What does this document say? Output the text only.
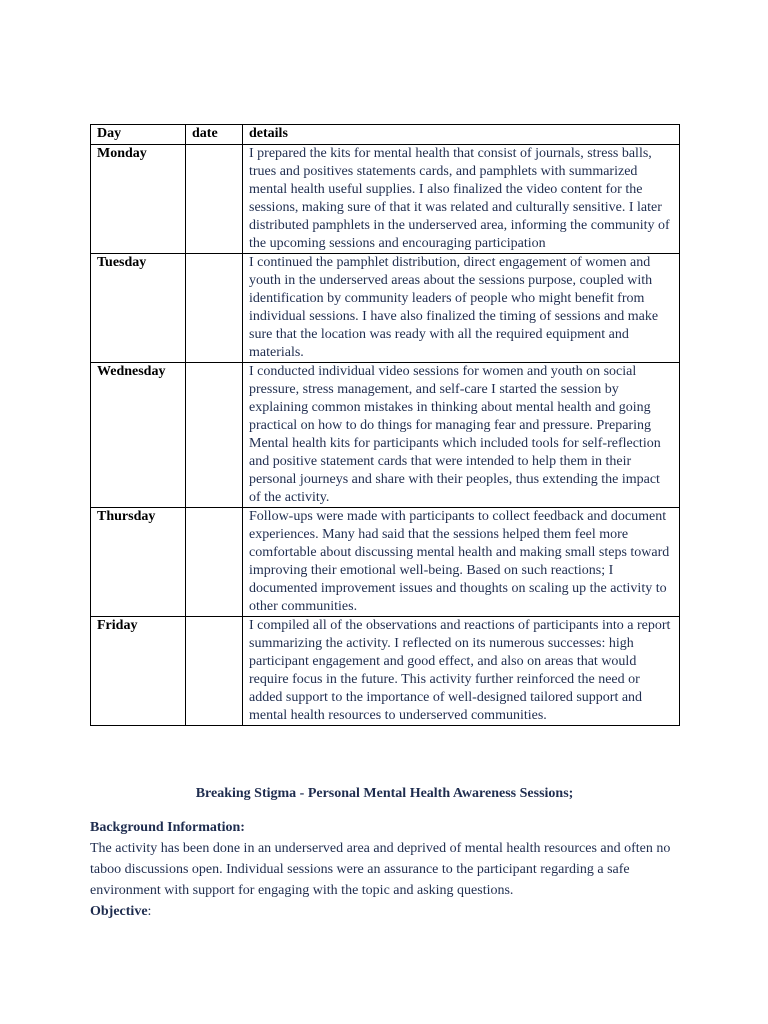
Day	date	details
Monday		I prepared the kits for mental health that consist of journals, stress balls, trues and positives statements cards, and pamphlets with summarized mental health useful supplies. I also finalized the video content for the sessions, making sure of that it was related and culturally sensitive. I later distributed pamphlets in the underserved area, informing the community of the upcoming sessions and encouraging participation
Tuesday		I continued the pamphlet distribution, direct engagement of women and youth in the underserved areas about the sessions purpose, coupled with identification by community leaders of people who might benefit from individual sessions. I have also finalized the timing of sessions and make sure that the location was ready with all the required equipment and materials.
Wednesday		I conducted individual video sessions for women and youth on social pressure, stress management, and self-care I started the session by explaining common mistakes in thinking about mental health and going practical on how to do things for managing fear and pressure. Preparing Mental health kits for participants which included tools for self-reflection and positive statement cards that were intended to help them in their personal journeys and share with their peoples, thus extending the impact of the activity.
Thursday		Follow-ups were made with participants to collect feedback and document experiences. Many had said that the sessions helped them feel more comfortable about discussing mental health and making small steps toward improving their emotional well-being. Based on such reactions; I documented improvement issues and thoughts on scaling up the activity to other communities.
Friday		I compiled all of the observations and reactions of participants into a report summarizing the activity. I reflected on its numerous successes: high participant engagement and good effect, and also on areas that would require focus in the future. This activity further reinforced the need or added support to the importance of well-designed tailored support and mental health resources to underserved communities.
Breaking Stigma - Personal Mental Health Awareness Sessions;

Background Information:

The activity has been done in an underserved area and deprived of mental health resources and often no taboo discussions open. Individual sessions were an assurance to the participant regarding a safe environment with support for engaging with the topic and asking questions.

Objective:
